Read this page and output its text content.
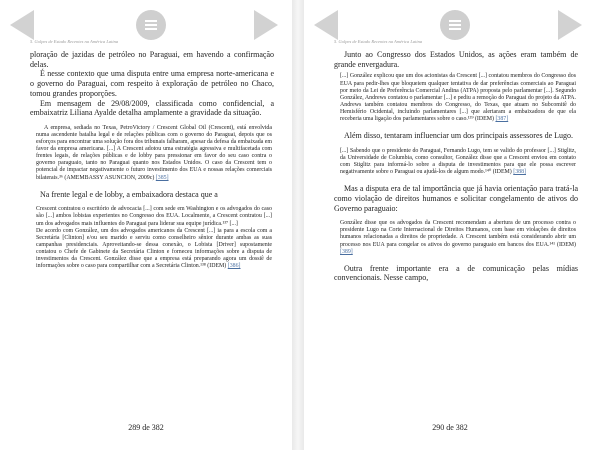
5. Golpes de Estado Recentes na América Latina

ploração de jazidas de petróleo no Paraguai, em havendo a confirmação delas.

É nesse contexto que uma disputa entre uma empresa norte-americana e o governo do Paraguai, com respeito à exploração de petróleo no Chaco, tomou grandes proporções.

Em mensagem de 29/08/2009, classificada como confidencial, a embaixatriz Liliana Ayalde detalha amplamente a gravidade da situação.

A empresa, sediada no Texas, PetroVictory / Crescent Global Oil (Crescent), está envolvida numa ascendente batalha legal e de relações públicas com o governo do Paraguai, depois que os esforços para encontrar uma solução fora dos tribunais falharam, apesar da defesa da embaixada em favor da empresa americana. [...] A Crescent adotou uma estratégia agressiva e multifacetada com frentes legais, de relações públicas e de lobby para pressionar em favor do seu caso contra o governo paraguaio, tanto no Paraguai quanto nos Estados Unidos. O caso da Crescent tem o potencial de impactar negativamente o futuro investimento dos EUA e nossas relações comerciais bilaterais.³⁶ (AMEMBASSY ASUNCION, 2009c) [385]

Na frente legal e de lobby, a embaixadora destaca que a

Crescent contratou o escritório de advocacia [...] com sede em Washington e os advogados do caso são [...] ambos lobistas experientes no Congresso dos EUA. Localmente, a Crescent contratou [...] um dos advogados mais influentes do Paraguai para liderar sua equipe jurídica.¹³⁷ [...]

De acordo com González, um dos advogados americanos da Crescent [...] ia para a escola com a Secretária [Clinton] e/ou seu marido e serviu como conselheiro sênior durante ambas as suas campanhas presidenciais. Aproveitando-se dessa conexão, o Lobista [Driver] supostamente contatou o Chefe de Gabinete da Secretária Clinton e forneceu informações sobre a disputa de investimentos da Crescent. González disse que a empresa está preparando agora um dossiê de informações sobre o caso para compartilhar com a Secretária Clinton.¹³⁸ (IDEM) [386]

289 de 382
5. Golpes de Estado Recentes na América Latina

Junto ao Congresso dos Estados Unidos, as ações eram também de grande envergadura.

[...] González explicou que um dos acionistas da Crescent [...] contatou membros do Congresso dos EUA para pedir-lhes que bloqueiem qualquer tentativa de dar preferências comerciais ao Paraguai por meio da Lei de Preferência Comercial Andina (ATPA) proposta pelo parlamentar [...]. Segundo González, Andrews contatou o parlamentar [...] e pediu a remoção do Paraguai do projeto da ATPA. Andrews também contatou membros do Congresso, do Texas, que atuam no Subcomitê do Hemisfério Ocidental, incluindo parlamentares [...] que alertaram a embaixadora de que ela receberia uma ligação dos parlamentares sobre o caso.¹³⁹ (IDEM) [387]

Além disso, tentaram influenciar um dos principais assessores de Lugo.

[...] Sabendo que o presidente do Paraguai, Fernando Lugo, tem se valido do professor [...] Stiglitz, da Universidade de Columbia, como consultor, González disse que a Crescent enviou em contato com Stiglitz para informá-lo sobre a disputa de investimentos para que ele possa escrever negativamente sobre o Paraguai ou ajudá-los de algum modo.¹⁴⁰ (IDEM) [388]

Mas a disputa era de tal importância que já havia orientação para tratá-la como violação de direitos humanos e solicitar congelamento de ativos do Governo paraguaio:

González disse que os advogados da Crescent recomendam a abertura de um processo contra o presidente Lugo na Corte Internacional de Direitos Humanos, com base em violações de direitos humanos relacionadas a direitos de propriedade. A Crescent também está considerando abrir um processo nos EUA para congelar os ativos do governo paraguaio em bancos dos EUA.¹⁴¹ (IDEM) [389]

Outra frente importante era a de comunicação pelas mídias convencionais. Nesse campo,

290 de 382
